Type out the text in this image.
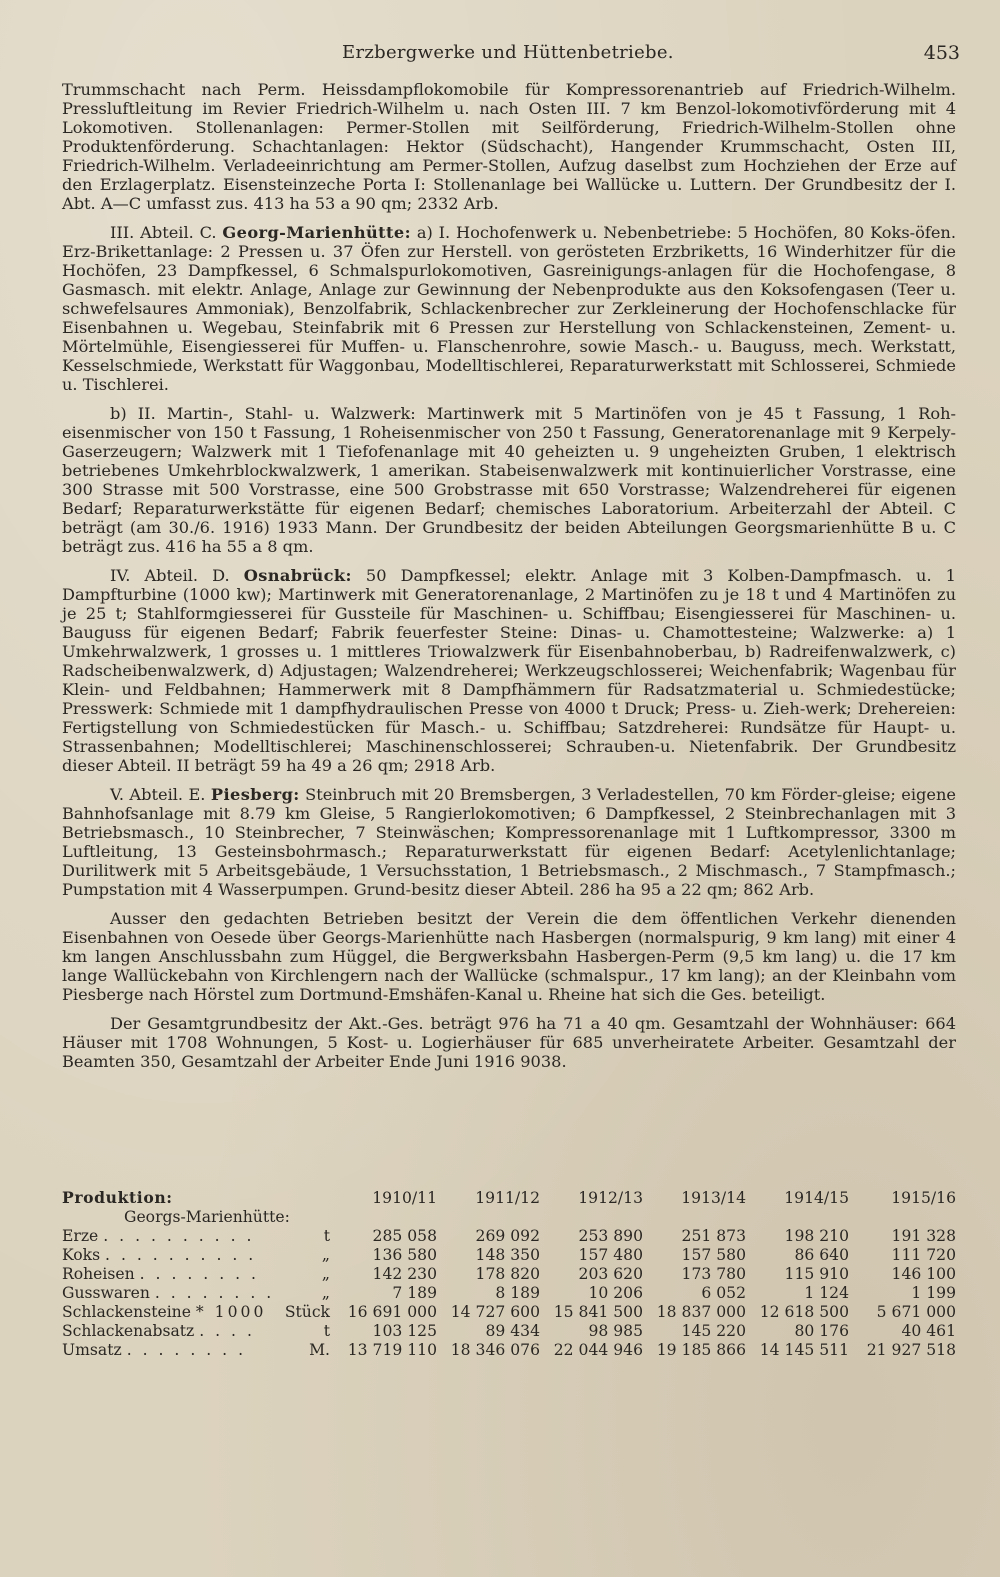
Erzbergwerke und Hüttenbetriebe.	453

Trummschacht nach Perm. Heissdampflokomobile für Kompressorenantrieb auf Friedrich-Wilhelm. Pressluftleitung im Revier Friedrich-Wilhelm u. nach Osten III. 7 km Benzol-lokomotivförderung mit 4 Lokomotiven. Stollenanlagen: Permer-Stollen mit Seilförderung, Friedrich-Wilhelm-Stollen ohne Produktenförderung. Schachtanlagen: Hektor (Südschacht), Hangender Krummschacht, Osten III, Friedrich-Wilhelm. Verladeeinrichtung am Permer-Stollen, Aufzug daselbst zum Hochziehen der Erze auf den Erzlagerplatz. Eisensteinzeche Porta I: Stollenanlage bei Wallücke u. Luttern. Der Grundbesitz der I. Abt. A—C umfasst zus. 413 ha 53 a 90 qm; 2332 Arb.

III. Abteil. C. Georg-Marienhütte: a) I. Hochofenwerk u. Nebenbetriebe: 5 Hochöfen, 80 Koks-öfen. Erz-Brikettanlage: 2 Pressen u. 37 Öfen zur Herstell. von gerösteten Erzbriketts, 16 Winderhitzer für die Hochöfen, 23 Dampfkessel, 6 Schmalspurlokomotiven, Gasreinigungs-anlagen für die Hochofengase, 8 Gasmasch. mit elektr. Anlage, Anlage zur Gewinnung der Nebenprodukte aus den Koksofengasen (Teer u. schwefelsaures Ammoniak), Benzolfabrik, Schlackenbrecher zur Zerkleinerung der Hochofenschlacke für Eisenbahnen u. Wegebau, Steinfabrik mit 6 Pressen zur Herstellung von Schlackensteinen, Zement- u. Mörtelmühle, Eisengiesserei für Muffen- u. Flanschenrohre, sowie Masch.- u. Bauguss, mech. Werkstatt, Kesselschmiede, Werkstatt für Waggonbau, Modelltischlerei, Reparaturwerkstatt mit Schlosserei, Schmiede u. Tischlerei.

b) II. Martin-, Stahl- u. Walzwerk: Martinwerk mit 5 Martinöfen von je 45 t Fassung, 1 Roh-eisenmischer von 150 t Fassung, 1 Roheisenmischer von 250 t Fassung, Generatorenanlage mit 9 Kerpely-Gaserzeugern; Walzwerk mit 1 Tiefofenanlage mit 40 geheizten u. 9 ungeheizten Gruben, 1 elektrisch betriebenes Umkehrblockwalzwerk, 1 amerikan. Stabeisenwalzwerk mit kontinuierlicher Vorstrasse, eine 300 Strasse mit 500 Vorstrasse, eine 500 Grobstrasse mit 650 Vorstrasse; Walzendreherei für eigenen Bedarf; Reparaturwerkstätte für eigenen Bedarf; chemisches Laboratorium. Arbeiterzahl der Abteil. C beträgt (am 30./6. 1916) 1933 Mann. Der Grundbesitz der beiden Abteilungen Georgsmarienhütte B u. C beträgt zus. 416 ha 55 a 8 qm.

IV. Abteil. D. Osnabrück: 50 Dampfkessel; elektr. Anlage mit 3 Kolben-Dampfmasch. u. 1 Dampfturbine (1000 kw); Martinwerk mit Generatorenanlage, 2 Martinöfen zu je 18 t und 4 Martinöfen zu je 25 t; Stahlformgiesserei für Gussteile für Maschinen- u. Schiffbau; Eisengiesserei für Maschinen- u. Bauguss für eigenen Bedarf; Fabrik feuerfester Steine: Dinas- u. Chamottesteine; Walzwerke: a) 1 Umkehrwalzwerk, 1 grosses u. 1 mittleres Triowalzwerk für Eisenbahnoberbau, b) Radreifenwalzwerk, c) Radscheibenwalzwerk, d) Adjustagen; Walzendreherei; Werkzeugschlosserei; Weichenfabrik; Wagenbau für Klein- und Feldbahnen; Hammerwerk mit 8 Dampfhämmern für Radsatzmaterial u. Schmiedestücke; Presswerk: Schmiede mit 1 dampfhydraulischen Presse von 4000 t Druck; Press- u. Zieh-werk; Drehereien: Fertigstellung von Schmiedestücken für Masch.- u. Schiffbau; Satzdreherei: Rundsätze für Haupt- u. Strassenbahnen; Modelltischlerei; Maschinenschlosserei; Schrauben-u. Nietenfabrik. Der Grundbesitz dieser Abteil. II beträgt 59 ha 49 a 26 qm; 2918 Arb.

V. Abteil. E. Piesberg: Steinbruch mit 20 Bremsbergen, 3 Verladestellen, 70 km Förder-gleise; eigene Bahnhofsanlage mit 8.79 km Gleise, 5 Rangierlokomotiven; 6 Dampfkessel, 2 Steinbrechanlagen mit 3 Betriebsmasch., 10 Steinbrecher, 7 Steinwäschen; Kompressorenanlage mit 1 Luftkompressor, 3300 m Luftleitung, 13 Gesteinsbohrmasch.; Reparaturwerkstatt für eigenen Bedarf: Acetylenlichtanlage; Durilitwerk mit 5 Arbeitsgebäude, 1 Versuchsstation, 1 Betriebsmasch., 2 Mischmasch., 7 Stampfmasch.; Pumpstation mit 4 Wasserpumpen. Grund-besitz dieser Abteil. 286 ha 95 a 22 qm; 862 Arb.

Ausser den gedachten Betrieben besitzt der Verein die dem öffentlichen Verkehr dienenden Eisenbahnen von Oesede über Georgs-Marienhütte nach Hasbergen (normalspurig, 9 km lang) mit einer 4 km langen Anschlussbahn zum Hüggel, die Bergwerksbahn Hasbergen-Perm (9,5 km lang) u. die 17 km lange Wallückebahn von Kirchlengern nach der Wallücke (schmalspur., 17 km lang); an der Kleinbahn vom Piesberge nach Hörstel zum Dortmund-Emshäfen-Kanal u. Rheine hat sich die Ges. beteiligt.

Der Gesamtgrundbesitz der Akt.-Ges. beträgt 976 ha 71 a 40 qm. Gesamtzahl der Wohnhäuser: 664 Häuser mit 1708 Wohnungen, 5 Kost- u. Logierhäuser für 685 unverheiratete Arbeiter. Gesamtzahl der Beamten 350, Gesamtzahl der Arbeiter Ende Juni 1916 9038.

Produktion:		1910/11	1911/12	1912/13	1913/14	1914/15	1915/16
Georgs-Marienhütte:							
Erze . . . . . . . . . .	t	285 058	269 092	253 890	251 873	198 210	191 328
Koks . . . . . . . . . .	„	136 580	148 350	157 480	157 580	86 640	111 720
Roheisen . . . . . . . .	„	142 230	178 820	203 620	173 780	115 910	146 100
Gusswaren . . . . . . . .	„	7 189	8 189	10 206	6 052	1 124	1 199
Schlackensteine * 1000	Stück	16 691 000	14 727 600	15 841 500	18 837 000	12 618 500	5 671 000
Schlackenabsatz . . . .	t	103 125	89 434	98 985	145 220	80 176	40 461
Umsatz . . . . . . . .	M.	13 719 110	18 346 076	22 044 946	19 185 866	14 145 511	21 927 518
